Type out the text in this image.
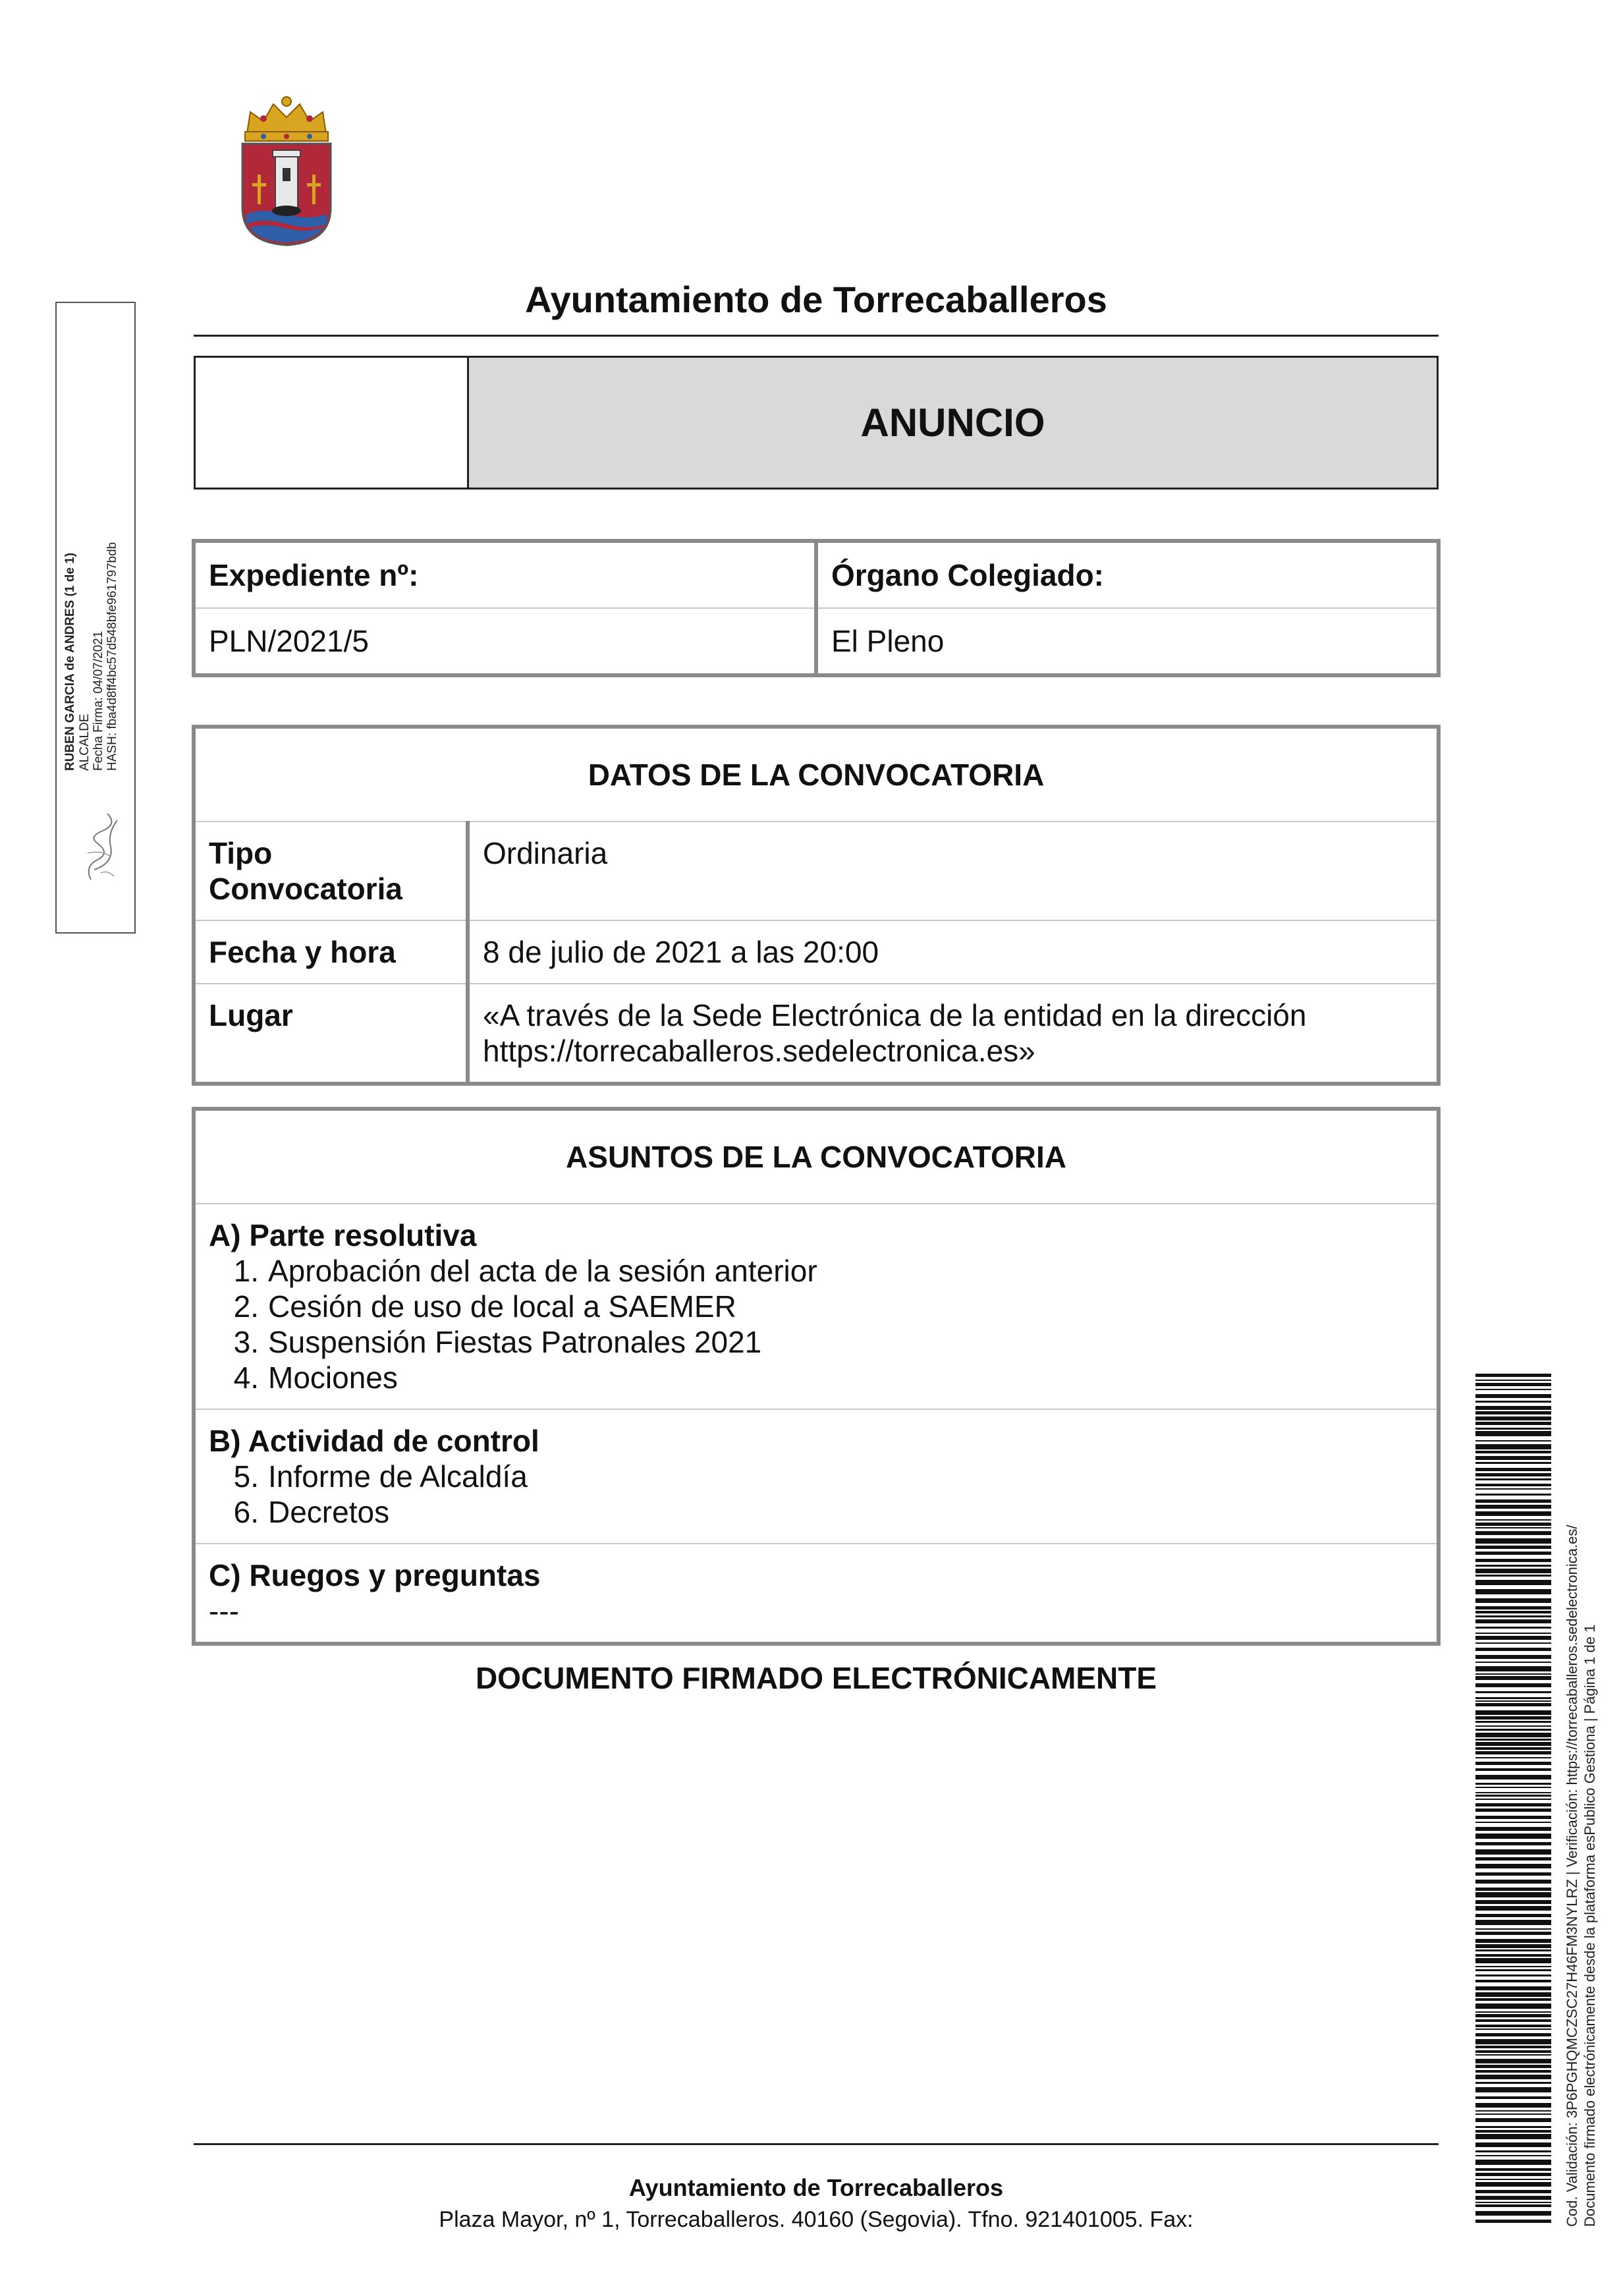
Ayuntamiento de Torrecaballeros
ANUNCIO
Expediente nº:	Órgano Colegiado:
PLN/2021/5	El Pleno
DATOS DE LA CONVOCATORIA	
Tipo Convocatoria	Ordinaria
Fecha y hora	8 de julio de 2021 a las 20:00
Lugar	«A través de la Sede Electrónica de la entidad en la dirección https://torrecaballeros.sedelectronica.es»
ASUNTOS DE LA CONVOCATORIA

A) Parte resolutiva
1. Aprobación del acta de la sesión anterior
2. Cesión de uso de local a SAEMER
3. Suspensión Fiestas Patronales 2021
4. Mociones

B) Actividad de control
5. Informe de Alcaldía
6. Decretos

C) Ruegos y preguntas
---
DOCUMENTO FIRMADO ELECTRÓNICAMENTE
Ayuntamiento de Torrecaballeros
Plaza Mayor, nº 1, Torrecaballeros. 40160 (Segovia). Tfno. 921401005. Fax:
RUBEN GARCIA de ANDRES (1 de 1) ALCALDE Fecha Firma: 04/07/2021 HASH: fba4d8ff4bc57d548bfe961797bdb
Cod. Validación: 3P6PGHQMCZSC27H46FM3NYLRZ | Verificación: https://torrecaballeros.sedelectronica.es/ Documento firmado electrónicamente desde la plataforma esPublico Gestiona | Página 1 de 1
